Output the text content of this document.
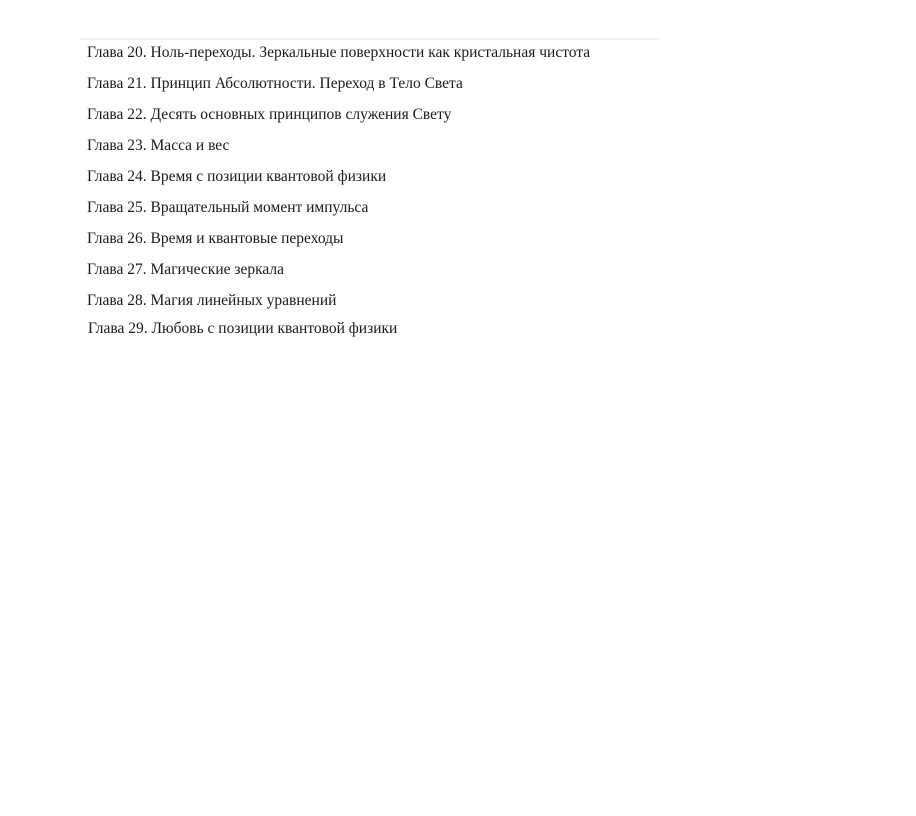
Глава 20. Ноль-переходы. Зеркальные поверхности как кристальная чистота
Глава 21. Принцип Абсолютности. Переход в Тело Света
Глава 22. Десять основных принципов служения Свету
Глава 23. Масса и вес
Глава 24. Время с позиции квантовой физики
Глава 25. Вращательный момент импульса
Глава 26. Время и квантовые переходы
Глава 27. Магические зеркала
Глава 28. Магия линейных уравнений
Глава 29. Любовь с позиции квантовой физики
